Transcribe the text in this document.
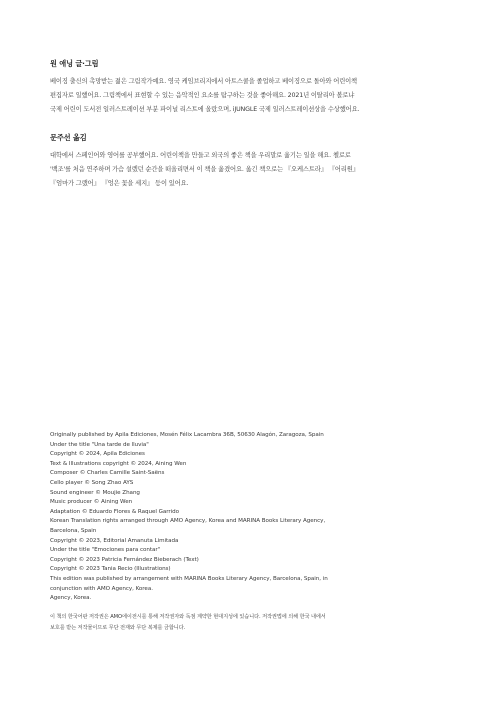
원 애닝 글·그림
베이징 출신의 촉망받는 젊은 그림작가예요. 영국 케임브리지에서 아트스쿨을 졸업하고 베이징으로 돌아와 어린이책
편집자로 일했어요. 그림책에서 표현할 수 있는 음악적인 요소를 탐구하는 것을 좋아해요. 2021년 이탈리아 볼로냐
국제 어린이 도서전 일러스트레이션 부분 파이널 리스트에 올랐으며, iJUNGLE 국제 일러스트레이션상을 수상했어요.
문주선 옮김
대학에서 스페인어와 영어를 공부했어요. 어린이책을 만들고 외국의 좋은 책을 우리말로 옮기는 일을 해요. 첼로로
'백조'를 처음 연주하며 가슴 설렜던 순간을 떠올리면서 이 책을 옮겼어요. 옮긴 책으로는 『오케스트라』 『어리원』
『엄마가 그랬어』 『엉은 꽃을 세지』 등이 있어요.
Originally published by Apila Ediciones, Mosén Félix Lacambra 36B, 50630 Alagón, Zaragoza, Spain
Under the title "Una tarde de lluvia"
Copyright © 2024, Apila Ediciones
Text & Illustrations copyright © 2024, Aining Wen
Composer © Charles Camille Saint-Saëns
Cello player © Song Zhao AYS
Sound engineer © Moujie Zhang
Music producer © Aining Wen
Adaptation © Eduardo Flores & Raquel Garrido
Korean Translation rights arranged through AMO Agency, Korea and MARINA Books Literary Agency,
Barcelona, Spain
Copyright © 2023, Editorial Amanuta Limitada
Under the title "Emociones para contar"
Copyright © 2023 Patricia Fernández Bieberach (Text)
Copyright © 2023 Tania Recio (Illustrations)
This edition was published by arrangement with MARINA Books Literary Agency, Barcelona, Spain, in
conjunction with AMO Agency, Korea.
Agency, Korea.
이 책의 한국어판 저작권은 AMO에이전시를 통해 저작권자와 독점 계약한 현대지성에 있습니다. 저작권법에 의해 한국 내에서
보호를 받는 저작물이므로 무단 전재와 무단 복제를 금합니다.
